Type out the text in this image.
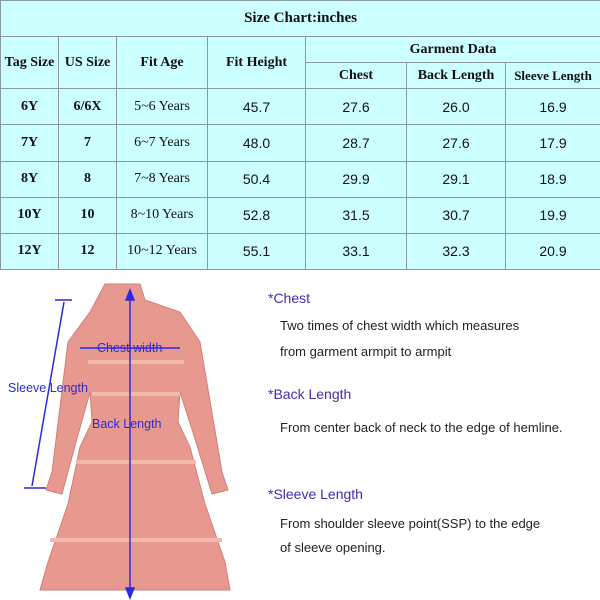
Size Chart:inches						
Tag Size	US Size	Fit Age	Fit Height	Garment Data		
				Chest	Back Length	Sleeve Length
6Y	6/6X	5~6 Years	45.7	27.6	26.0	16.9
7Y	7	6~7 Years	48.0	28.7	27.6	17.9
8Y	8	7~8 Years	50.4	29.9	29.1	18.9
10Y	10	8~10 Years	52.8	31.5	30.7	19.9
12Y	12	10~12 Years	55.1	33.1	32.3	20.9
Chest width
Sleeve Length
Back Length
*Chest
Two times of chest width which measures
from garment armpit to armpit
*Back Length
From center back of neck to the edge of hemline.
*Sleeve Length
From shoulder sleeve point(SSP) to the edge
of sleeve opening.
